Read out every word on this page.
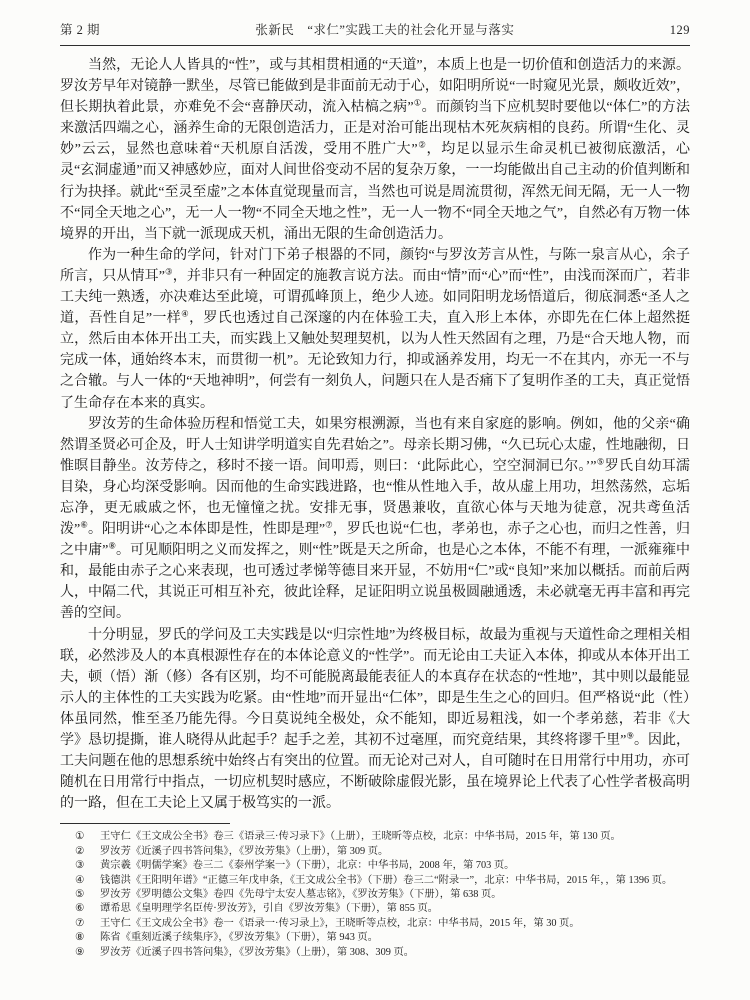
第 2 期	张新民　“求仁”实践工夫的社会化开显与落实	129

当然，无论人人皆具的“性”，或与其相贯相通的“天道”，本质上也是一切价值和创造活力的来源。罗汝芳早年对镜静一默坐，尽管已能做到是非面前无动于心，如阳明所说“一时窥见光景，颇收近效”，但长期执着此景，亦难免不会“喜静厌动，流入枯槁之病”①。而颜钧当下应机契时要他以“体仁”的方法来激活四端之心，涵养生命的无限创造活力，正是对治可能出现枯木死灰病相的良药。所谓“生化、灵妙”云云，显然也意味着“天机原自活泼，受用不胜广大”②，均足以显示生命灵机已被彻底激活，心灵“玄洞虚通”而又神感妙应，面对人间世俗变动不居的复杂万象，一一均能做出自己主动的价值判断和行为抉择。就此“至灵至虚”之本体直觉现量而言，当然也可说是周流贯彻，浑然无间无隔，无一人一物不“同全天地之心”，无一人一物“不同全天地之性”，无一人一物不“同全天地之气”，自然必有万物一体境界的开出，当下就一派现成天机，涌出无限的生命创造活力。

作为一种生命的学问，针对门下弟子根器的不同，颜钧“与罗汝芳言从性，与陈一泉言从心，余子所言，只从情耳”③，并非只有一种固定的施教言说方法。而由“情”而“心”而“性”，由浅而深而广，若非工夫纯一熟透，亦决难达至此境，可谓孤峰顶上，绝少人迹。如同阳明龙场悟道后，彻底洞悉“圣人之道，吾性自足”一样④，罗氏也透过自己深邃的内在体验工夫，直入形上本体，亦即先在仁体上超然挺立，然后由本体开出工夫，而实践上又触处契理契机，以为人性天然固有之理，乃是“合天地人物，而完成一体，通始终本末，而贯彻一机”。无论致知力行，抑或涵养发用，均无一不在其内，亦无一不与之合辙。与人一体的“天地神明”，何尝有一刻负人，问题只在人是否痛下了复明作圣的工夫，真正觉悟了生命存在本来的真实。

罗汝芳的生命体验历程和悟觉工夫，如果穷根溯源，当也有来自家庭的影响。例如，他的父亲“确然谓圣贤必可企及，旴人士知讲学明道实自先君始之”。母亲长期习佛，“久已玩心太虚，性地融彻，日惟暝目静坐。汝芳侍之，移时不接一语。间叩焉，则曰：‘此际此心，空空洞洞已尔。’”⑤罗氏自幼耳濡目染，身心均深受影响。因而他的生命实践进路，也“惟从性地入手，故从虚上用功，坦然荡然，忘垢忘净，更无戚戚之怀，也无憧憧之扰。安排无事，贤愚兼收，直欲心体与天地为徒意，况共鸢鱼活泼”⑥。阳明讲“心之本体即是性，性即是理”⑦，罗氏也说“仁也，孝弟也，赤子之心也，而归之性善，归之中庸”⑧。可见顺阳明之义而发挥之，则“性”既是天之所命，也是心之本体，不能不有理，一派雍雍中和，最能由赤子之心来表现，也可透过孝悌等德目来开显，不妨用“仁”或“良知”来加以概括。而前后两人，中隔二代，其说正可相互补充，彼此诠释，足证阳明立说虽极圆融通透，未必就毫无再丰富和再完善的空间。

十分明显，罗氏的学问及工夫实践是以“归宗性地”为终极目标，故最为重视与天道性命之理相关相联，必然涉及人的本真根源性存在的本体论意义的“性学”。而无论由工夫证入本体，抑或从本体开出工夫，顿（悟）渐（修）各有区别，均不可能脱离最能表征人的本真存在状态的“性地”，其中则以最能显示人的主体性的工夫实践为吃紧。由“性地”而开显出“仁体”，即是生生之心的回归。但严格说“此（性）体虽同然，惟至圣乃能先得。今日莫说纯全极处，众不能知，即近易粗浅，如一个孝弟慈，若非《大学》恳切提撕，谁人晓得从此起手？起手之差，其初不过毫厘，而究竟结果，其终将谬千里”⑨。因此，工夫问题在他的思想系统中始终占有突出的位置。而无论对己对人，自可随时在日用常行中用功，亦可随机在日用常行中指点，一切应机契时感应，不断破除虚假光影，虽在境界论上代表了心性学者极高明的一路，但在工夫论上又属于极笃实的一派。

①	王守仁《王文成公全书》卷三《语录三·传习录下》（上册），王晓昕等点校，北京：中华书局，2015 年，第 130 页。
②	罗汝芳《近溪子四书答问集》，《罗汝芳集》（上册），第 309 页。
③	黄宗羲《明儒学案》卷三二《泰州学案一》（下册），北京：中华书局，2008 年，第 703 页。
④	钱德洪《王阳明年谱》“正德三年戊申条，《王文成公全书》（下册）卷三二“附录一”，北京：中华书局，2015 年，，第 1396 页。
⑤	罗汝芳《罗明德公文集》卷四《先母宁太安人墓志铭》，《罗汝芳集》（下册），第 638 页。
⑥	谭希思《皇明理学名臣传·罗汝芳》，引自《罗汝芳集》（下册），第 855 页。
⑦	王守仁《王文成公全书》卷一《语录一·传习录上》，王晓昕等点校，北京：中华书局，2015 年，第 30 页。
⑧	陈省《重刻近溪子续集序》，《罗汝芳集》（下册），第 943 页。
⑨	罗汝芳《近溪子四书答问集》，《罗汝芳集》（上册），第 308、309 页。
